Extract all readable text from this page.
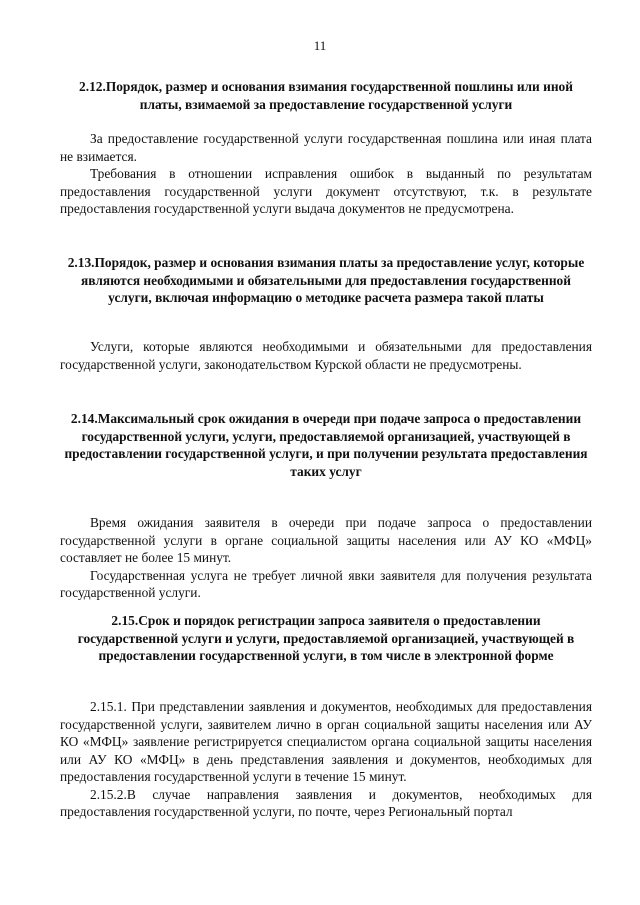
11

2.12.Порядок, размер и основания взимания государственной пошлины или иной платы, взимаемой за предоставление государственной услуги

За предоставление государственной услуги государственная пошлина или иная плата не взимается.

Требования в отношении исправления ошибок в выданный по результатам предоставления государственной услуги документ отсутствуют, т.к. в результате предоставления государственной услуги выдача документов не предусмотрена.

2.13.Порядок, размер и основания взимания платы за предоставление услуг, которые являются необходимыми и обязательными для предоставления государственной услуги, включая информацию о методике расчета размера такой платы

Услуги, которые являются необходимыми и обязательными для предоставления государственной услуги, законодательством Курской области не предусмотрены.

2.14.Максимальный срок ожидания в очереди при подаче запроса о предоставлении государственной услуги, услуги, предоставляемой организацией, участвующей в предоставлении государственной услуги, и при получении результата предоставления таких услуг

Время ожидания заявителя в очереди при подаче запроса о предоставлении государственной услуги в органе социальной защиты населения или АУ КО «МФЦ» составляет не более 15 минут.

Государственная услуга не требует личной явки заявителя для получения результата государственной услуги.

2.15.Срок и порядок регистрации запроса заявителя о предоставлении государственной услуги и услуги, предоставляемой организацией, участвующей в предоставлении государственной услуги, в том числе в электронной форме

2.15.1. При представлении заявления и документов, необходимых для предоставления государственной услуги, заявителем лично в орган социальной защиты населения или АУ КО «МФЦ» заявление регистрируется специалистом органа социальной защиты населения или АУ КО «МФЦ» в день представления заявления и документов, необходимых для предоставления государственной услуги в течение 15 минут.

2.15.2.В случае направления заявления и документов, необходимых для предоставления государственной услуги, по почте, через Региональный портал
